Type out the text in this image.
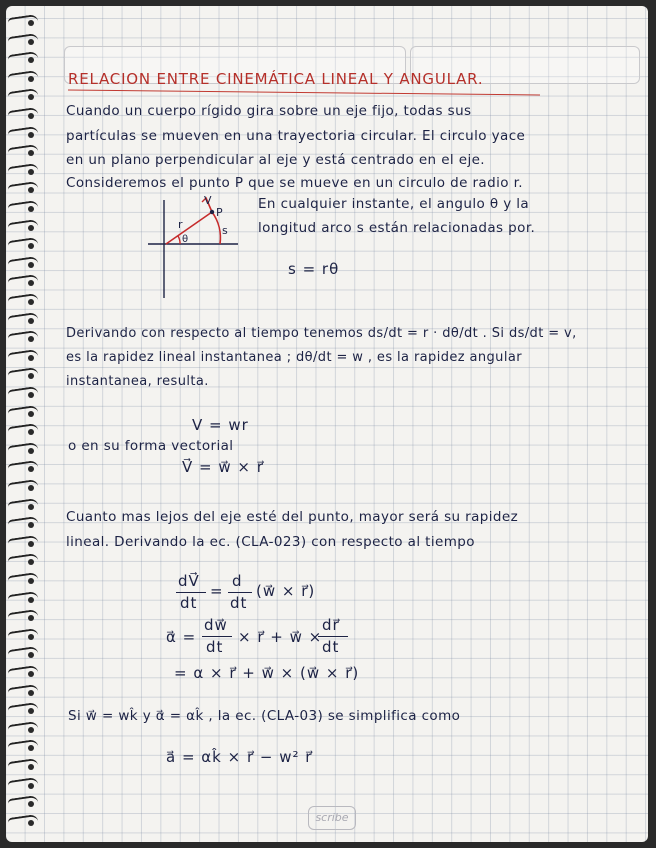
RELACION ENTRE CINEMÁTICA LINEAL Y ANGULAR.
Cuando un cuerpo rígido gira sobre un eje fijo, todas sus
partículas se mueven en una trayectoria circular. El circulo yace
en un plano perpendicular al eje y está centrado en el eje.
Consideremos el punto P que se mueve en un circulo de radio r.
En cualquier instante, el angulo θ y la
longitud arco s están relacionadas por.
V
P
r	s
θ
s = rθ
Derivando con respecto al tiempo tenemos ds/dt = r · dθ/dt . Si ds/dt = v,
es la rapidez lineal instantanea ; dθ/dt = w , es la rapidez angular
instantanea, resulta.
V = wr
o en su forma vectorial
V⃗ = w⃗ × r⃗
Cuanto mas lejos del eje esté del punto, mayor será su rapidez
lineal. Derivando la ec. (CLA-023) con respecto al tiempo
dV⃗
dt
=
d
dt
(w⃗ × r⃗)
α⃗ =
dw⃗
dt
× r⃗ + w⃗ ×
dr⃗
dt
= α × r⃗ + w⃗ × (w⃗ × r⃗)
Si w⃗ = wk̂ y α⃗ = αk̂ , la ec. (CLA-03) se simplifica como
a⃗ = αk̂ × r⃗ − w² r⃗
scribe
